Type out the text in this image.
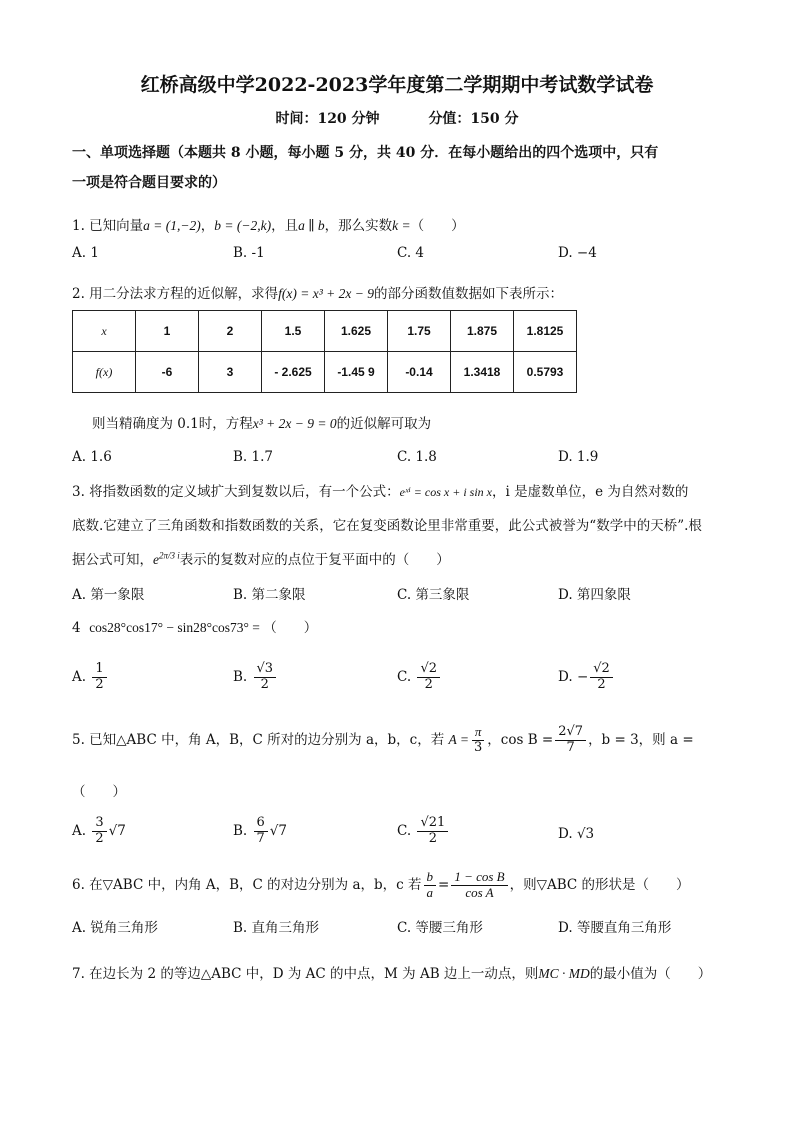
红桥高级中学2022-2023学年度第二学期期中考试数学试卷
时间：120 分钟	分值：150 分
一、单项选择题（本题共 8 小题，每小题 5 分，共 40 分．在每小题给出的四个选项中，只有
一项是符合题目要求的）
1. 已知向量a = (1,−2)，b = (−2,k)，且a ∥ b，那么实数k =（　　）
A. 1	B. -1	C. 4	D. −4
2. 用二分法求方程的近似解，求得f(x) = x³ + 2x − 9的部分函数值数据如下表所示：
x	1	2	1.5	1.625	1.75	1.875	1.8125
f(x)	-6	3	- 2.625	-1.45 9	-0.14	1.3418	0.5793
则当精确度为 0.1时，方程x³ + 2x − 9 = 0的近似解可取为
A. 1.6	B. 1.7	C. 1.8	D. 1.9
3. 将指数函数的定义域扩大到复数以后，有一个公式：eˣⁱ = cos x + i sin x，i 是虚数单位，e 为自然对数的
底数.它建立了三角函数和指数函数的关系，它在复变函数论里非常重要，此公式被誉为“数学中的天桥”.根
据公式可知，$e^{2\pi/3 i}$表示的复数对应的点位于复平面中的（　　）
A. 第一象限	B. 第二象限	C. 第三象限	D. 第四象限
4 cos28°cos17° − sin28°cos73° = （　　）
A. $\frac{1}{2}$	B. $\frac{√3}{2}$	C. $\frac{√2}{2}$	D. − $\frac{√2}{2}$
5. 已知△ABC 中，角 A，B，C 所对的边分别为 a，b，c，若 $A = \frac{\pi}{3}$ ，$\cos B = \frac{2√7}{7}$ ，b = 3，则 a =
（　　）
A. $\frac{3}{2} √7$	B. $\frac{6}{7} √7$	C. $\frac{√21}{2}$	D. √3
6. 在▽ABC 中，内角 A，B，C 的对边分别为 a，b，c 若 $\frac{b}{a} = \frac{\text{1 − cos B}}{\text{cos A}}$ ，则▽ABC 的形状是（　　）
A. 锐角三角形	B. 直角三角形	C. 等腰三角形	D. 等腰直角三角形
7. 在边长为 2 的等边△ABC 中，D 为 AC 的中点，M 为 AB 边上一动点，则MC · MD的最小值为（　　）
